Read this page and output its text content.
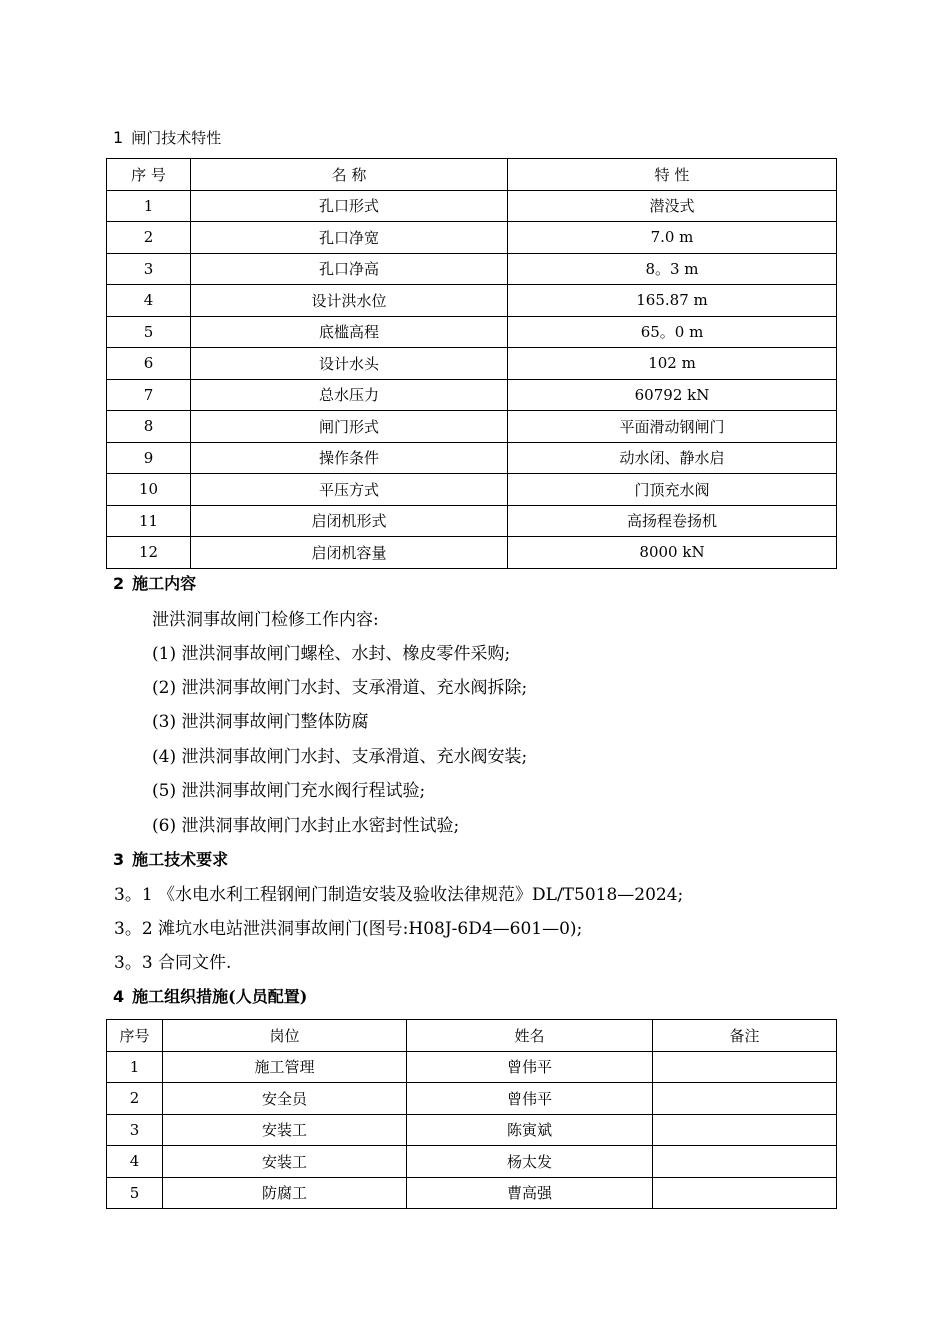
1 闸门技术特性
序 号	名 称	特 性
1	孔口形式	潜没式
2	孔口净宽	7.0 m
3	孔口净高	8。3 m
4	设计洪水位	165.87 m
5	底槛高程	65。0 m
6	设计水头	102 m
7	总水压力	60792 kN
8	闸门形式	平面滑动钢闸门
9	操作条件	动水闭、静水启
10	平压方式	门顶充水阀
11	启闭机形式	高扬程卷扬机
12	启闭机容量	8000 kN
2 施工内容
泄洪洞事故闸门检修工作内容:
(1) 泄洪洞事故闸门螺栓、水封、橡皮零件采购;
(2) 泄洪洞事故闸门水封、支承滑道、充水阀拆除;
(3) 泄洪洞事故闸门整体防腐
(4) 泄洪洞事故闸门水封、支承滑道、充水阀安装;
(5) 泄洪洞事故闸门充水阀行程试验;
(6) 泄洪洞事故闸门水封止水密封性试验;
3 施工技术要求
3。1 《水电水利工程钢闸门制造安装及验收法律规范》DL/T5018—2024;
3。2 滩坑水电站泄洪洞事故闸门(图号:H08J-6D4—601—0);
3。3 合同文件.
4 施工组织措施(人员配置)
序号	岗位	姓名	备注
1	施工管理	曾伟平	
2	安全员	曾伟平	
3	安装工	陈寅斌	
4	安装工	杨太发	
5	防腐工	曹高强	
